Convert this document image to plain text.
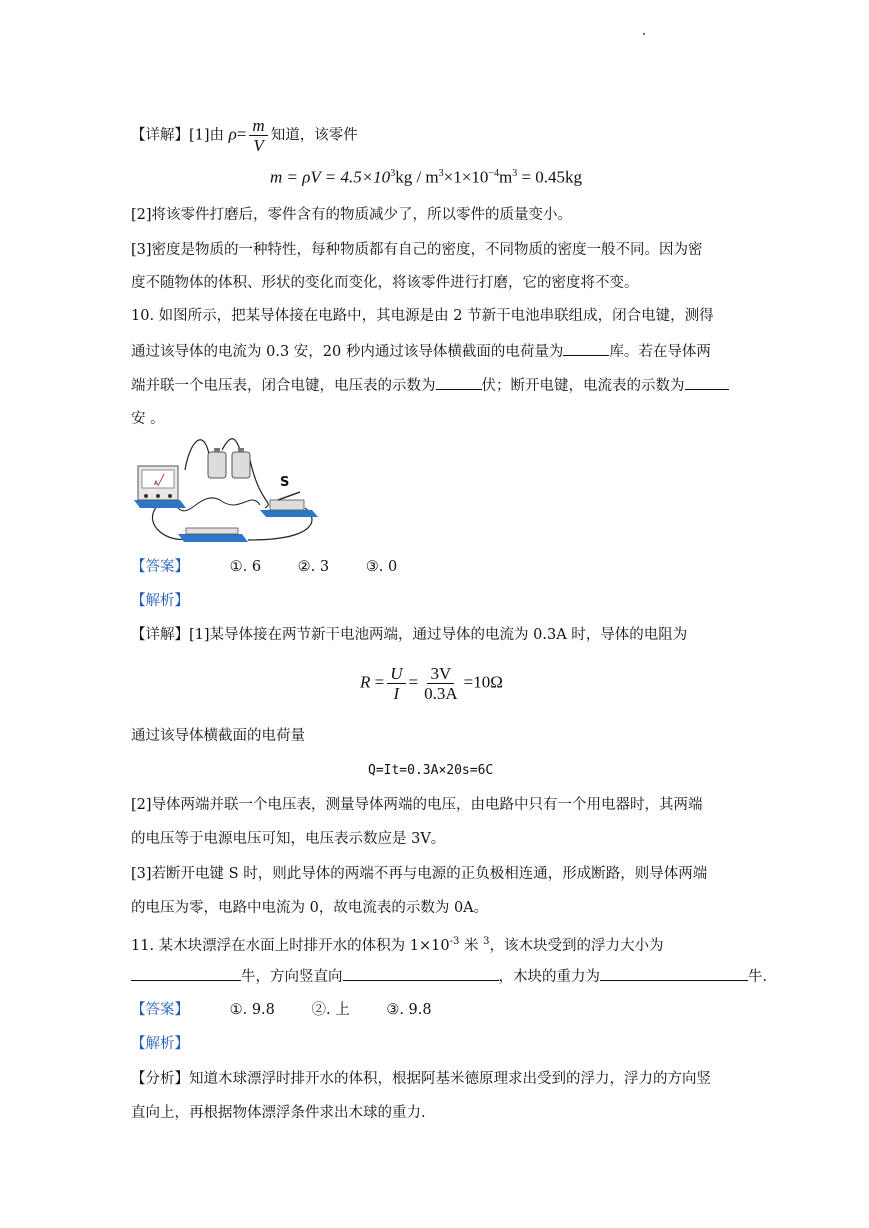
【详解】[1]由 $\rho= \frac{m}{V}$ 知道，该零件
$m = \rho V = 4.5\times 10^3kg / m^3\times 1\times 10^{-4}m^3 = 0.45kg$
[2]将该零件打磨后，零件含有的物质减少了，所以零件的质量变小。
[3]密度是物质的一种特性，每种物质都有自己的密度，不同物质的密度一般不同。因为密
度不随物体的体积、形状的变化而变化，将该零件进行打磨，它的密度将不变。
10. 如图所示，把某导体接在电路中，其电源是由 2 节新干电池串联组成，闭合电键，测得
通过该导体的电流为 0.3 安，20 秒内通过该导体横截面的电荷量为	库。若在导体两
端并联一个电压表，闭合电键，电压表的示数为	伏；断开电键，电流表的示数为
安 。
A	S
【答案】	①. 6	②. 3	③. 0
【解析】
【详解】[1]某导体接在两节新干电池两端，通过导体的电流为 0.3A 时，导体的电阻为
$R = \frac{U}{I} = \frac{3V}{0.3A} =10\Omega$
通过该导体横截面的电荷量
Q=It=0.3A×20s=6C
[2]导体两端并联一个电压表，测量导体两端的电压，由电路中只有一个用电器时，其两端
的电压等于电源电压可知，电压表示数应是 3V。
[3]若断开电键 S 时，则此导体的两端不再与电源的正负极相连通，形成断路，则导体两端
的电压为零，电路中电流为 0，故电流表的示数为 0A。
11. 某木块漂浮在水面上时排开水的体积为 $1\times 10^{-3}$ 米 $^3$，该木块受到的浮力大小为
牛，方向竖直向	，木块的重力为	牛.
【答案】	①. 9.8	②. 上	③. 9.8
【解析】
【分析】知道木球漂浮时排开水的体积，根据阿基米德原理求出受到的浮力，浮力的方向竖
直向上，再根据物体漂浮条件求出木球的重力.
